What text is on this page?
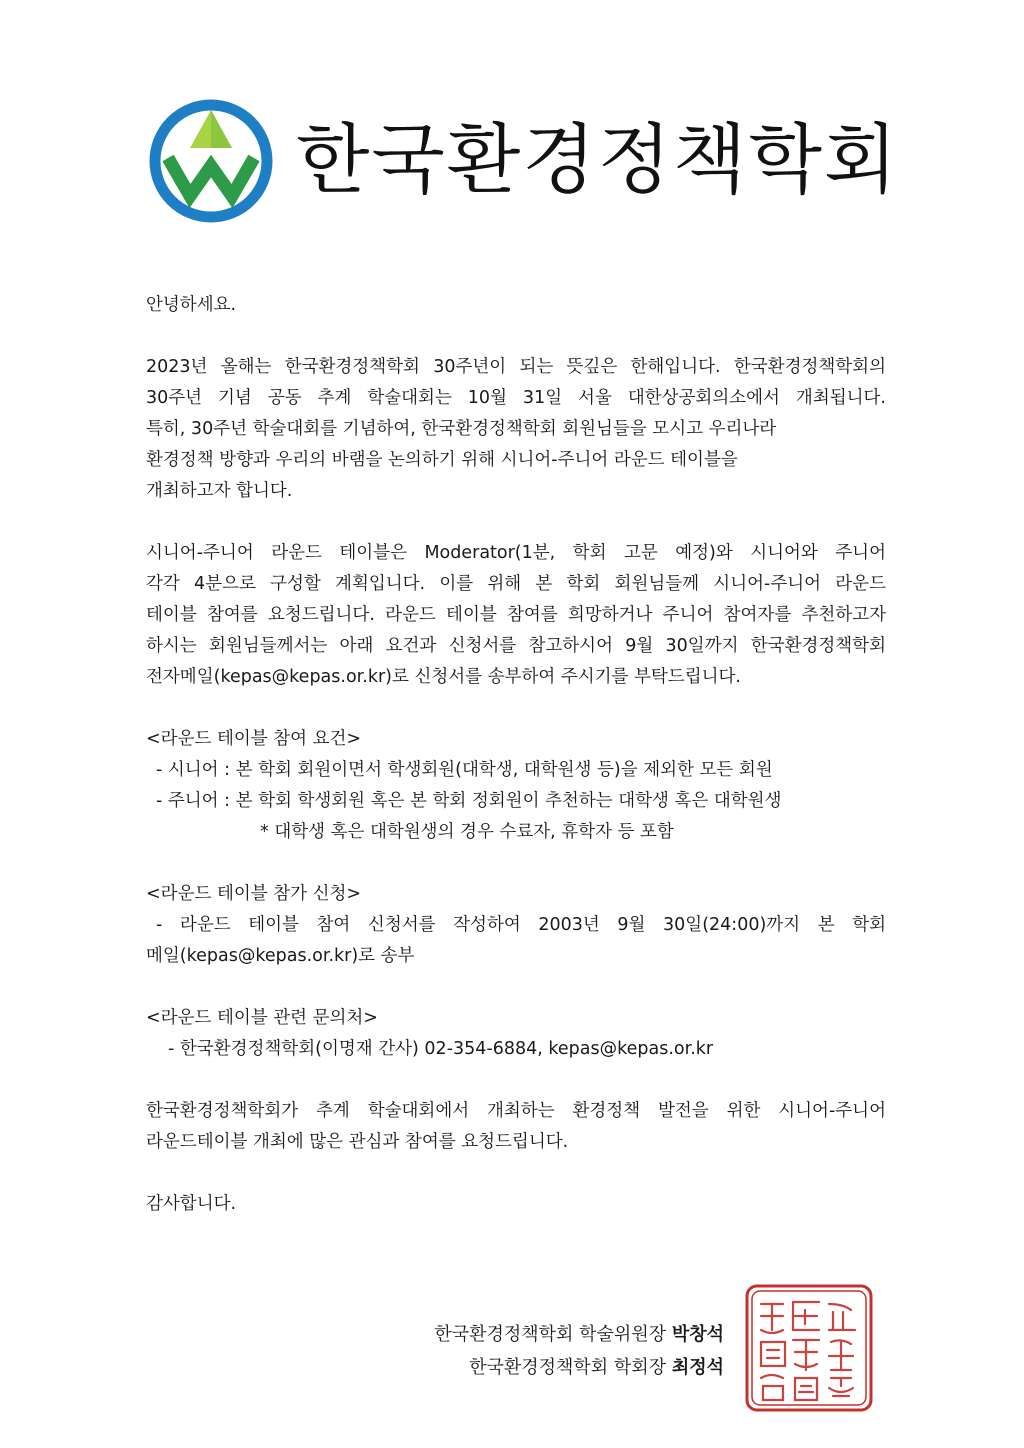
한국환경정책학회

안녕하세요.

2023년 올해는 한국환경정책학회 30주년이 되는 뜻깊은 한해입니다. 한국환경정책학회의

30주년 기념 공동 추계 학술대회는 10월 31일 서울 대한상공회의소에서 개최됩니다.

특히, 30주년 학술대회를 기념하여, 한국환경정책학회 회원님들을 모시고 우리나라

환경정책 방향과 우리의 바램을 논의하기 위해 시니어-주니어 라운드 테이블을

개최하고자 합니다.

시니어-주니어 라운드 테이블은 Moderator(1분, 학회 고문 예정)와 시니어와 주니어

각각 4분으로 구성할 계획입니다. 이를 위해 본 학회 회원님들께 시니어-주니어 라운드

테이블 참여를 요청드립니다. 라운드 테이블 참여를 희망하거나 주니어 참여자를 추천하고자

하시는 회원님들께서는 아래 요건과 신청서를 참고하시어 9월 30일까지 한국환경정책학회

전자메일(kepas@kepas.or.kr)로 신청서를 송부하여 주시기를 부탁드립니다.

<라운드 테이블 참여 요건>

- 시니어 : 본 학회 회원이면서 학생회원(대학생, 대학원생 등)을 제외한 모든 회원

- 주니어 : 본 학회 학생회원 혹은 본 학회 정회원이 추천하는 대학생 혹은 대학원생

* 대학생 혹은 대학원생의 경우 수료자, 휴학자 등 포함

<라운드 테이블 참가 신청>

- 라운드 테이블 참여 신청서를 작성하여 2003년 9월 30일(24:00)까지 본 학회

메일(kepas@kepas.or.kr)로 송부

<라운드 테이블 관련 문의처>

- 한국환경정책학회(이명재 간사) 02-354-6884, kepas@kepas.or.kr

한국환경정책학회가 추계 학술대회에서 개최하는 환경정책 발전을 위한 시니어-주니어

라운드테이블 개최에 많은 관심과 참여를 요청드립니다.

감사합니다.

한국환경정책학회 학술위원장 박창석
한국환경정책학회 학회장 최정석
